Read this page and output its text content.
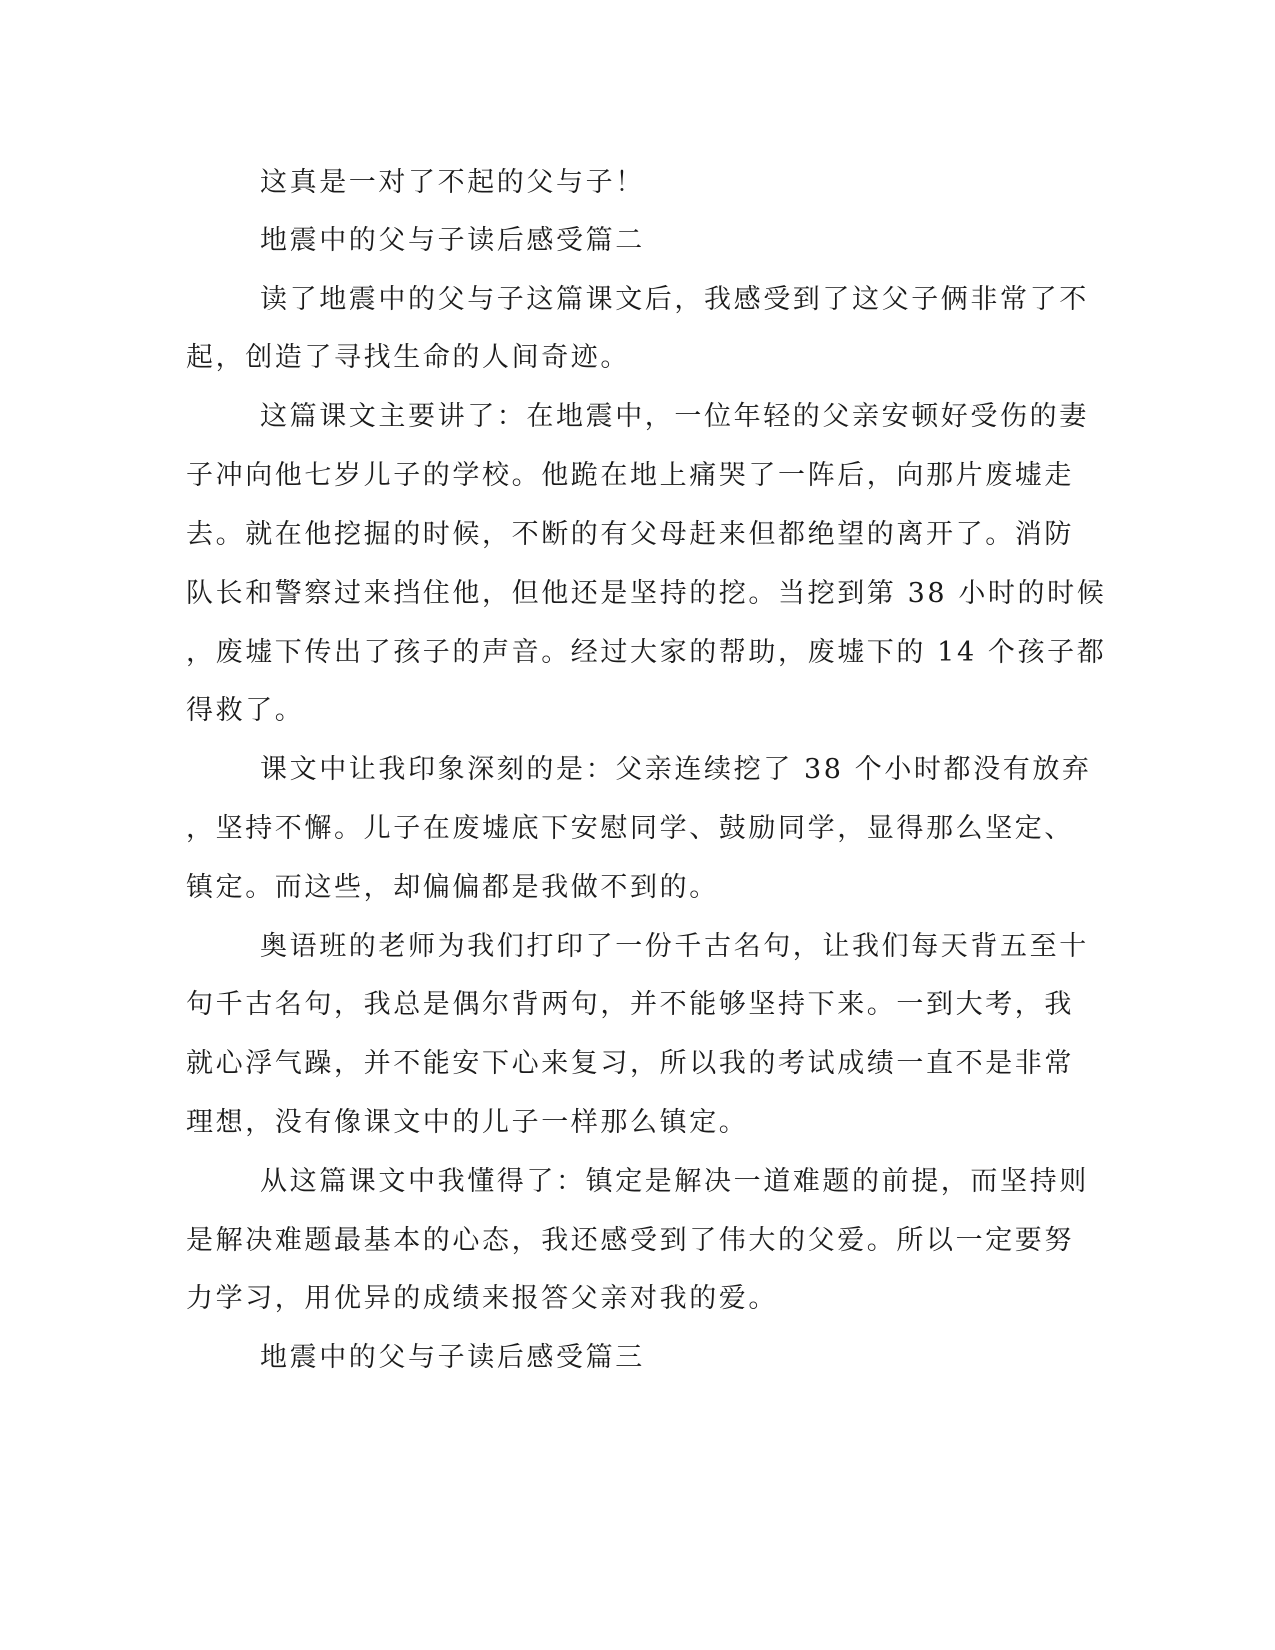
这真是一对了不起的父与子！
地震中的父与子读后感受篇二
读了地震中的父与子这篇课文后，我感受到了这父子俩非常了不
起，创造了寻找生命的人间奇迹。
这篇课文主要讲了：在地震中，一位年轻的父亲安顿好受伤的妻
子冲向他七岁儿子的学校。他跪在地上痛哭了一阵后，向那片废墟走
去。就在他挖掘的时候，不断的有父母赶来但都绝望的离开了。消防
队长和警察过来挡住他，但他还是坚持的挖。当挖到第 38 小时的时候
，废墟下传出了孩子的声音。经过大家的帮助，废墟下的 14 个孩子都
得救了。
课文中让我印象深刻的是：父亲连续挖了 38 个小时都没有放弃
，坚持不懈。儿子在废墟底下安慰同学、鼓励同学，显得那么坚定、
镇定。而这些，却偏偏都是我做不到的。
奥语班的老师为我们打印了一份千古名句，让我们每天背五至十
句千古名句，我总是偶尔背两句，并不能够坚持下来。一到大考，我
就心浮气躁，并不能安下心来复习，所以我的考试成绩一直不是非常
理想，没有像课文中的儿子一样那么镇定。
从这篇课文中我懂得了：镇定是解决一道难题的前提，而坚持则
是解决难题最基本的心态，我还感受到了伟大的父爱。所以一定要努
力学习，用优异的成绩来报答父亲对我的爱。
地震中的父与子读后感受篇三
